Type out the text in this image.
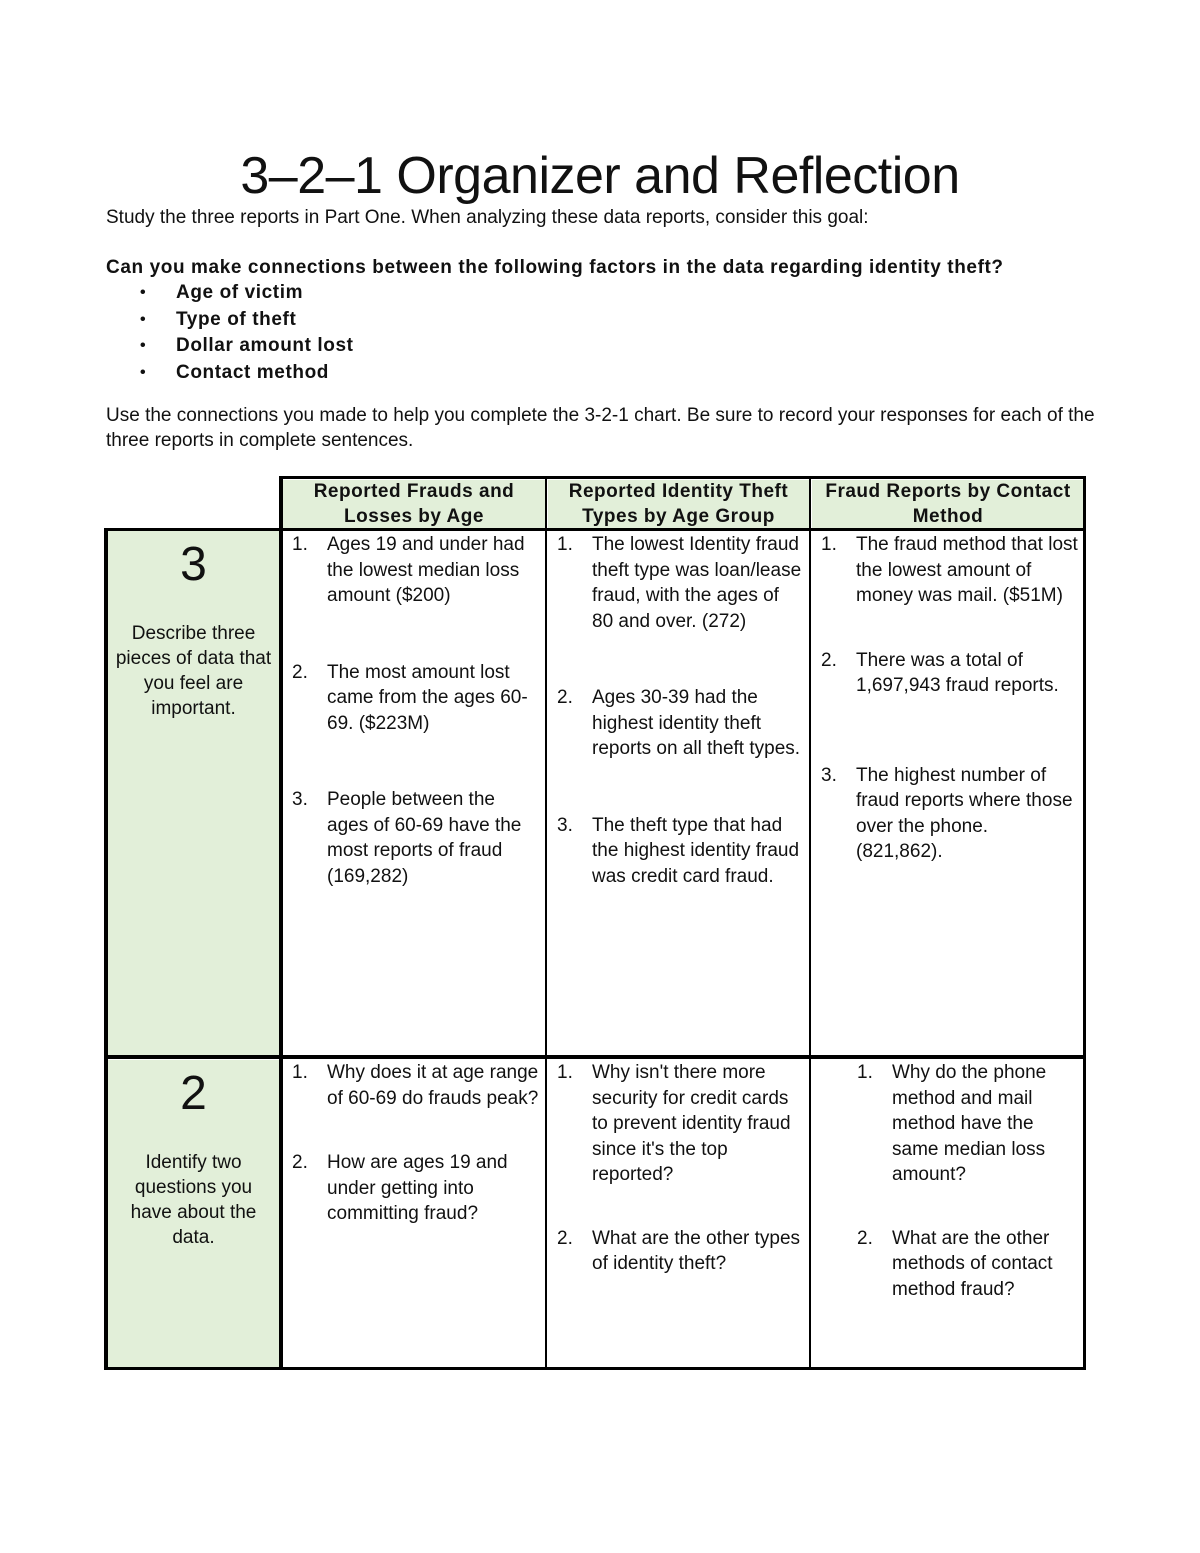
3–2–1 Organizer and Reflection

Study the three reports in Part One. When analyzing these data reports, consider this goal:

Can you make connections between the following factors in the data regarding identity theft?

• Age of victim
• Type of theft
• Dollar amount lost
• Contact method

Use the connections you made to help you complete the 3-2-1 chart. Be sure to record your responses for each of the three reports in complete sentences.

Reported Frauds and Losses by Age
Reported Identity Theft Types by Age Group
Fraud Reports by Contact Method
3
Describe three pieces of data that you feel are important.
2
Identify two questions you have about the data.
1. Ages 19 and under had the lowest median loss amount ($200)
2. The most amount lost came from the ages 60-69. ($223M)
3. People between the ages of 60-69 have the most reports of fraud (169,282)
1. The lowest Identity fraud theft type was loan/lease fraud, with the ages of 80 and over. (272)
2. Ages 30-39 had the highest identity theft reports on all theft types.
3. The theft type that had the highest identity fraud was credit card fraud.
1. The fraud method that lost the lowest amount of money was mail. ($51M)
2. There was a total of 1,697,943 fraud reports.
3. The highest number of fraud reports where those over the phone. (821,862).
1. Why does it at age range of 60-69 do frauds peak?
2. How are ages 19 and under getting into committing fraud?
1. Why isn't there more security for credit cards to prevent identity fraud since it's the top reported?
2. What are the other types of identity theft?
1. Why do the phone method and mail method have the same median loss amount?
2. What are the other methods of contact method fraud?
